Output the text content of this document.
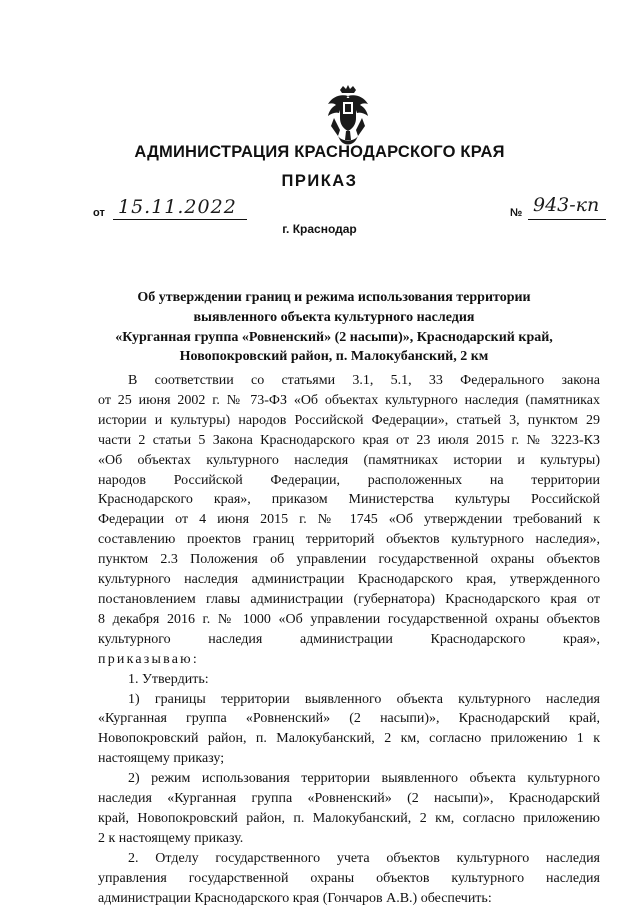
АДМИНИСТРАЦИЯ КРАСНОДАРСКОГО КРАЯ
ПРИКАЗ
от 15.11.2022	№ 943-кп
г. Краснодар
Об утверждении границ и режима использования территории
выявленного объекта культурного наследия
«Курганная группа «Ровненский» (2 насыпи)», Краснодарский край,
Новопокровский район, п. Малокубанский, 2 км
В соответствии со статьями 3.1, 5.1, 33 Федерального закона
от 25 июня 2002 г. № 73-ФЗ «Об объектах культурного наследия (памятниках
истории и культуры) народов Российской Федерации», статьей 3, пунктом 29
части 2 статьи 5 Закона Краснодарского края от 23 июля 2015 г. № 3223-КЗ
«Об объектах культурного наследия (памятниках истории и культуры)
народов Российской Федерации, расположенных на территории
Краснодарского края», приказом Министерства культуры Российской
Федерации от 4 июня 2015 г. № 1745 «Об утверждении требований к
составлению проектов границ территорий объектов культурного наследия»,
пунктом 2.3 Положения об управлении государственной охраны объектов
культурного наследия администрации Краснодарского края, утвержденного
постановлением главы администрации (губернатора) Краснодарского края от
8 декабря 2016 г. № 1000 «Об управлении государственной охраны объектов
культурного наследия администрации Краснодарского края»,
приказываю:
1. Утвердить:
1) границы территории выявленного объекта культурного наследия
«Курганная группа «Ровненский» (2 насыпи)», Краснодарский край,
Новопокровский район, п. Малокубанский, 2 км, согласно приложению 1 к
настоящему приказу;
2) режим использования территории выявленного объекта культурного
наследия «Курганная группа «Ровненский» (2 насыпи)», Краснодарский
край, Новопокровский район, п. Малокубанский, 2 км, согласно приложению
2 к настоящему приказу.
2. Отделу государственного учета объектов культурного наследия
управления государственной охраны объектов культурного наследия
администрации Краснодарского края (Гончаров А.В.) обеспечить:
